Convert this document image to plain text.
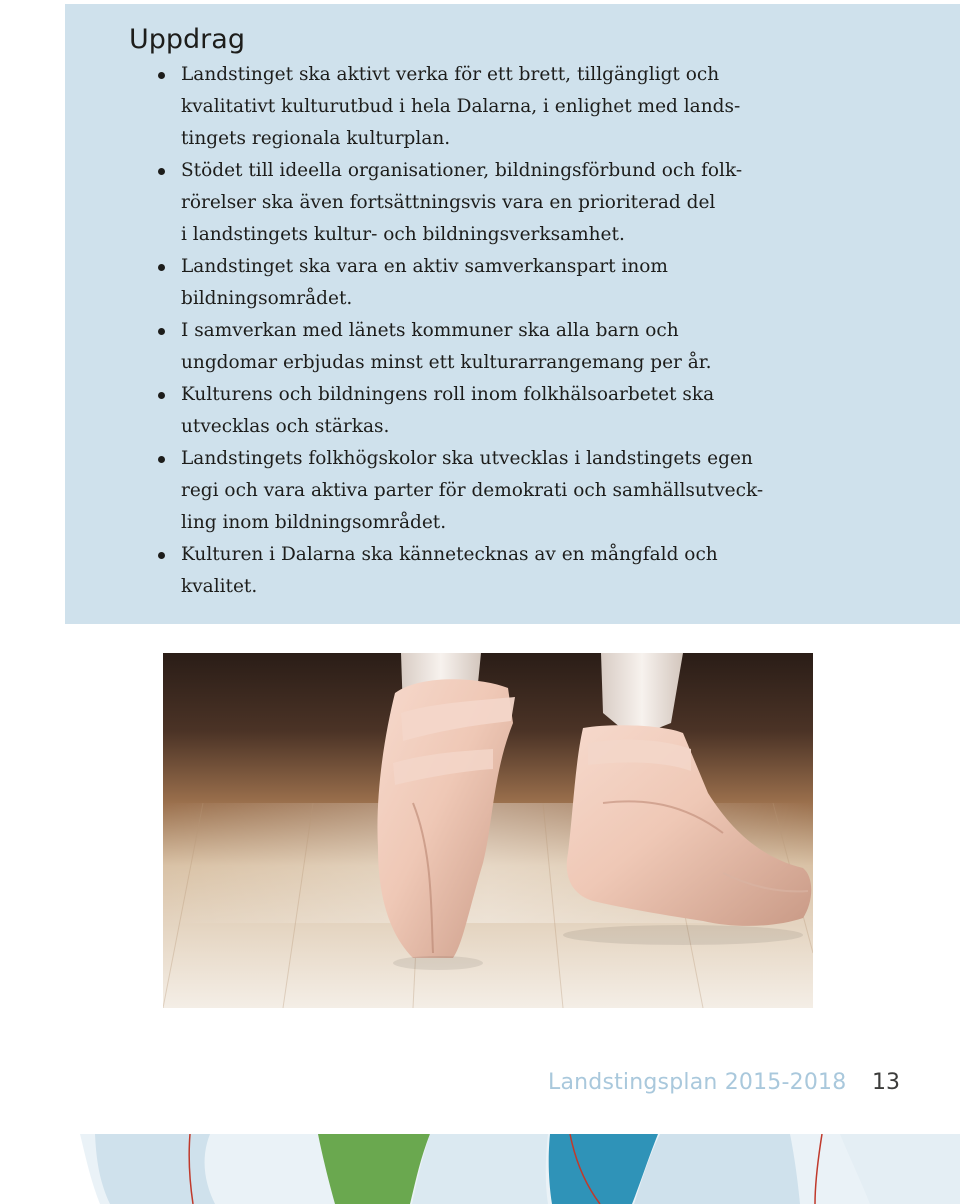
Uppdrag
Landstinget ska aktivt verka för ett brett, tillgängligt och
kvalitativt kulturutbud i hela Dalarna, i enlighet med lands-
tingets regionala kulturplan.
Stödet till ideella organisationer, bildningsförbund och folk-
rörelser ska även fortsättningsvis vara en prioriterad del
i landstingets kultur- och bildningsverksamhet.
Landstinget ska vara en aktiv samverkanspart inom
bildningsområdet.
I samverkan med länets kommuner ska alla barn och
ungdomar erbjudas minst ett kulturarrangemang per år.
Kulturens och bildningens roll inom folkhälsoarbetet ska
utvecklas och stärkas.
Landstingets folkhögskolor ska utvecklas i landstingets egen
regi och vara aktiva parter för demokrati och samhällsutveck-
ling inom bildningsområdet.
Kulturen i Dalarna ska kännetecknas av en mångfald och
kvalitet.
Landstingsplan 2015-2018 13
